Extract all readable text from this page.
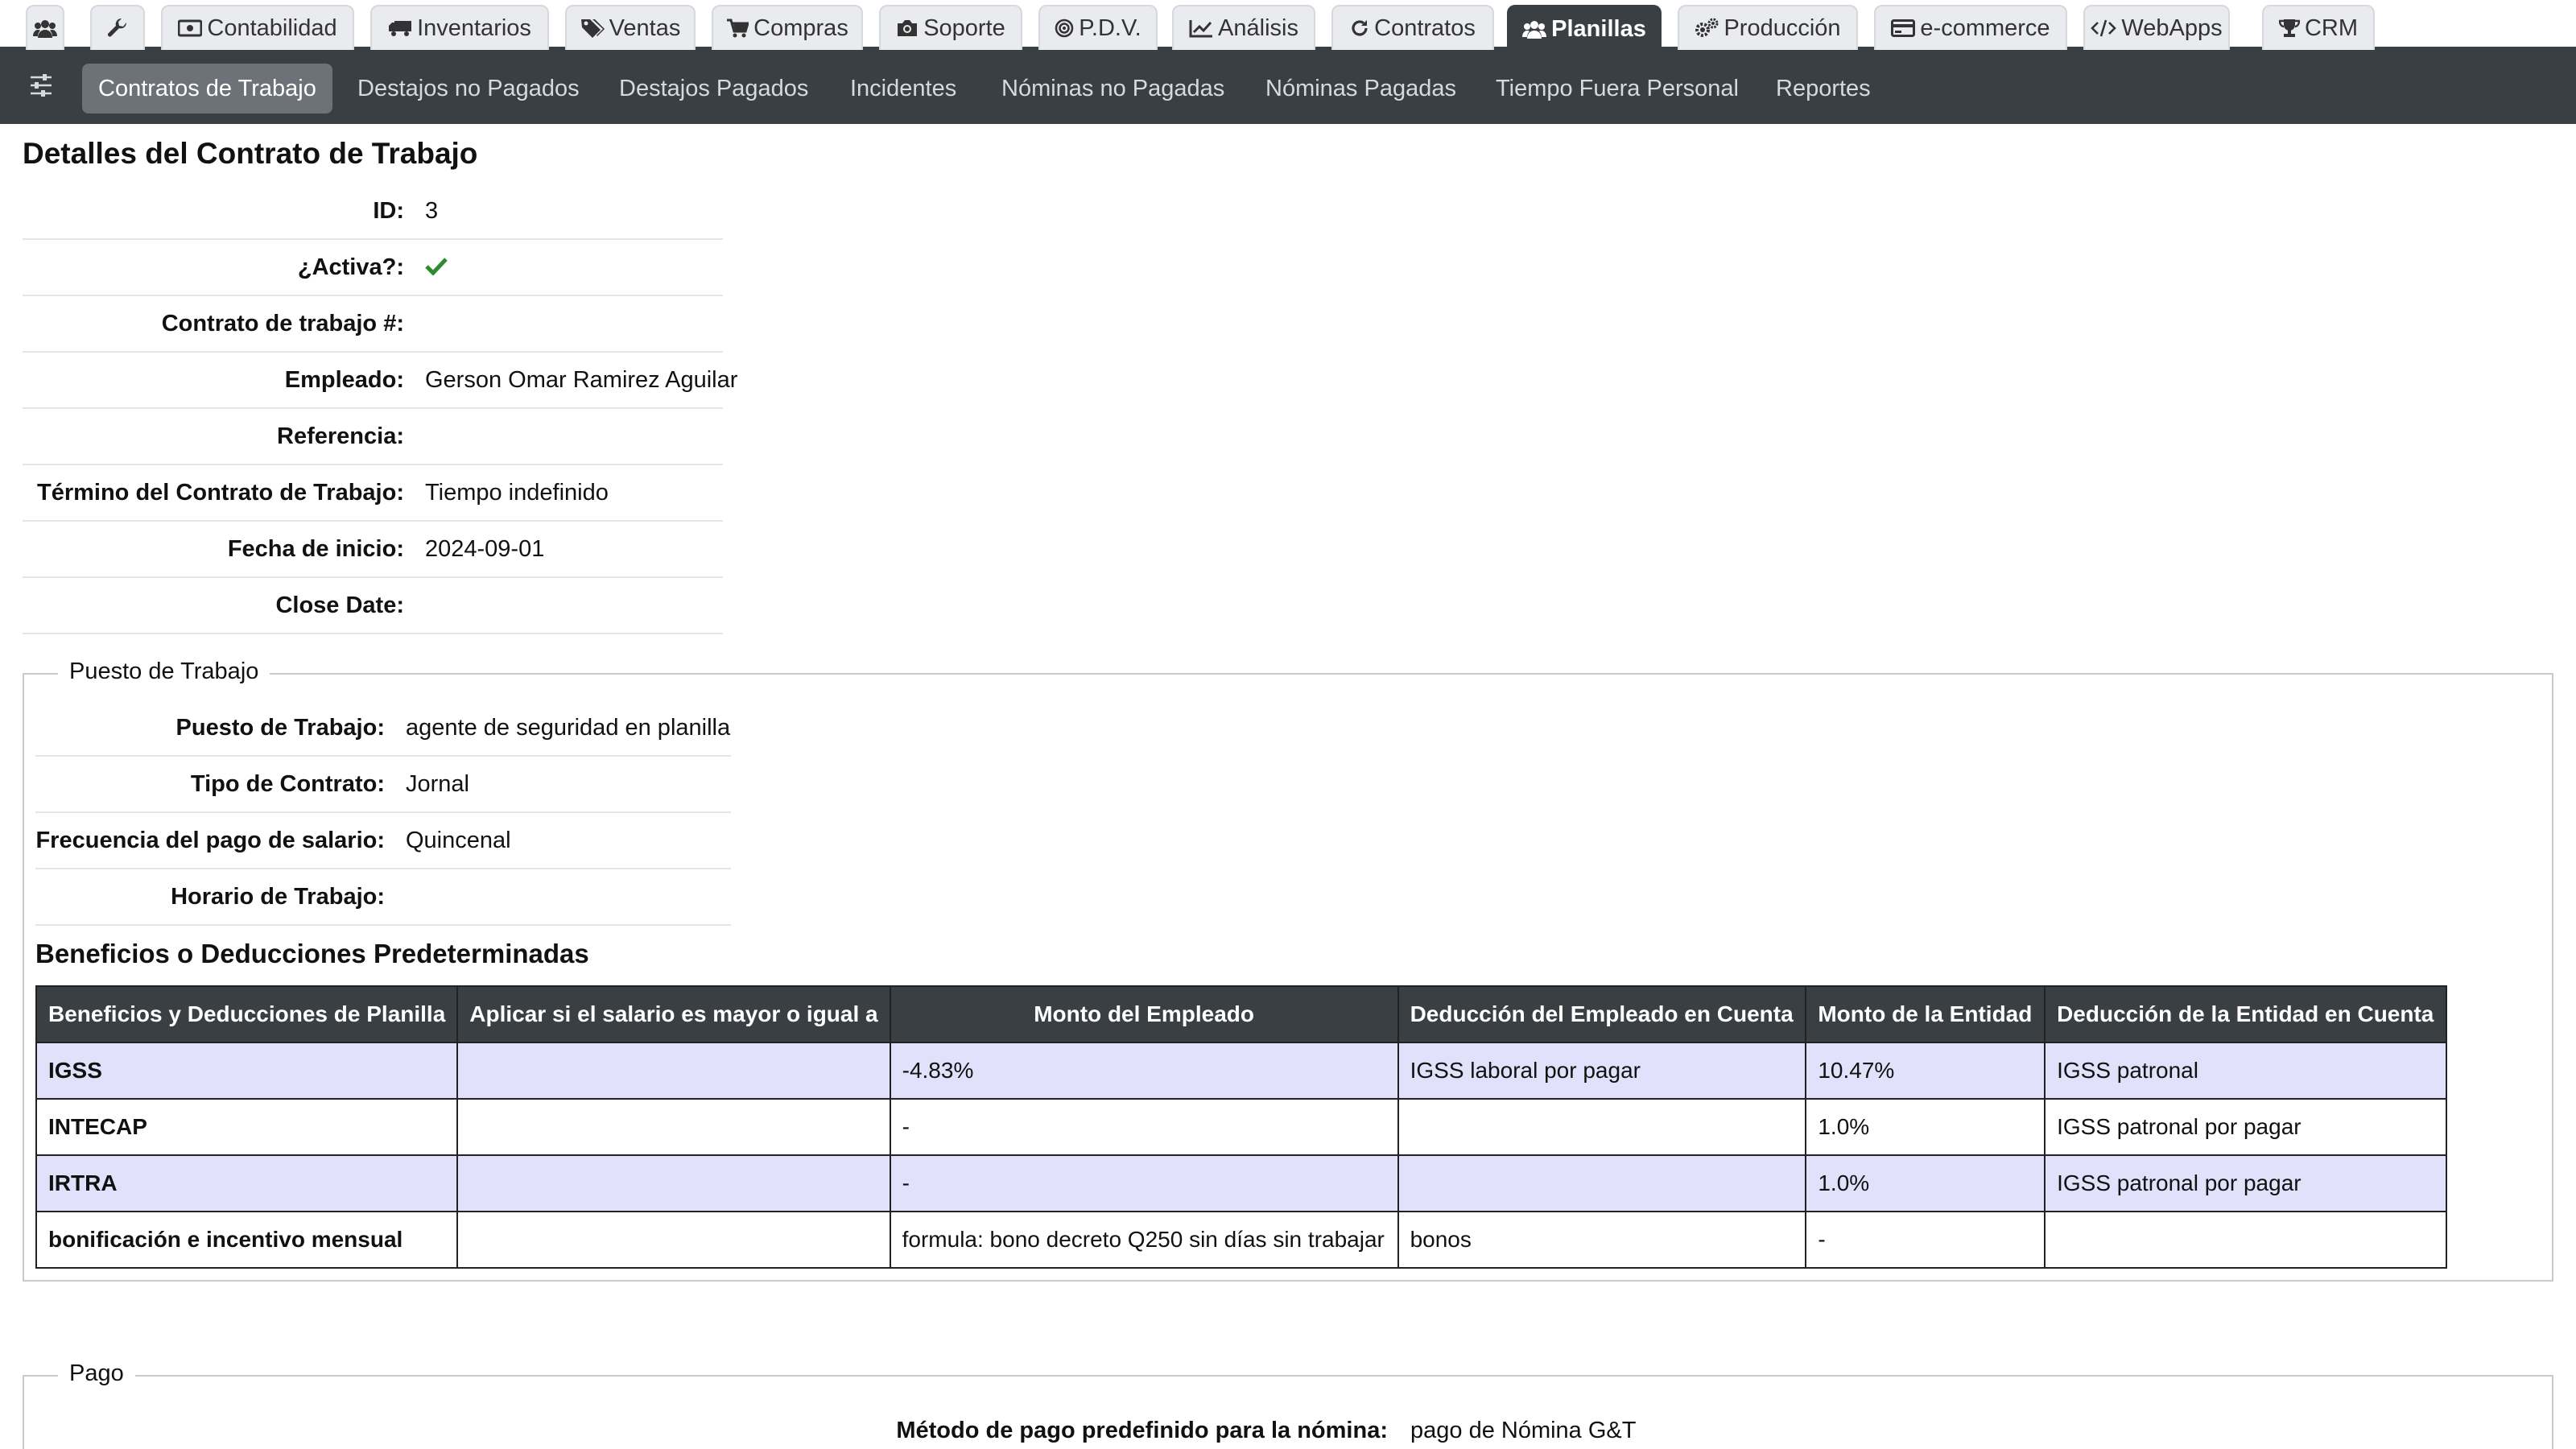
Contabilidad	Inventarios	Ventas	Compras	Soporte	P.D.V.	Análisis	Contratos	Planillas	Producción	e-commerce	WebApps	CRM
Contratos de Trabajo	Destajos no Pagados	Destajos Pagados	Incidentes	Nóminas no Pagadas	Nóminas Pagadas	Tiempo Fuera Personal	Reportes
Detalles del Contrato de Trabajo
ID: 3
¿Activa?:
Contrato de trabajo #:
Empleado: Gerson Omar Ramirez Aguilar
Referencia:
Término del Contrato de Trabajo: Tiempo indefinido
Fecha de inicio: 2024-09-01
Close Date:
Puesto de Trabajo
Puesto de Trabajo: agente de seguridad en planilla
Tipo de Contrato: Jornal
Frecuencia del pago de salario: Quincenal
Horario de Trabajo:
Beneficios o Deducciones Predeterminadas
Beneficios y Deducciones de Planilla	Aplicar si el salario es mayor o igual a	Monto del Empleado	Deducción del Empleado en Cuenta	Monto de la Entidad	Deducción de la Entidad en Cuenta
IGSS		-4.83%	IGSS laboral por pagar	10.47%	IGSS patronal
INTECAP		-		1.0%	IGSS patronal por pagar
IRTRA		-		1.0%	IGSS patronal por pagar
bonificación e incentivo mensual		formula: bono decreto Q250 sin días sin trabajar	bonos	-	
Pago
Método de pago predefinido para la nómina: pago de Nómina G&T
